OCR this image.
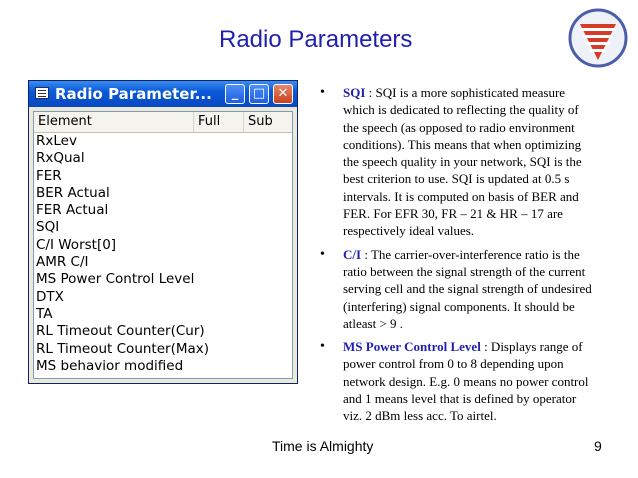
Radio Parameters
Radio Parameter...	_	□ ✕
Element	Full	Sub
RxLev
RxQual
FER
BER Actual
FER Actual
SQI
C/I Worst[0]
AMR C/I
MS Power Control Level
DTX
TA
RL Timeout Counter(Cur)
RL Timeout Counter(Max)
MS behavior modified
• SQI : SQI is a more sophisticated measure which is dedicated to reflecting the quality of the speech (as opposed to radio environment conditions). This means that when optimizing the speech quality in your network, SQI is the best criterion to use. SQI is updated at 0.5 s intervals. It is computed on basis of BER and FER. For EFR 30, FR – 21 & HR – 17 are respectively ideal values.
• C/I : The carrier-over-interference ratio is the ratio between the signal strength of the current serving cell and the signal strength of undesired (interfering) signal components. It should be atleast > 9 .
• MS Power Control Level : Displays range of power control from 0 to 8 depending upon network design. E.g. 0 means no power control and 1 means level that is defined by operator viz. 2 dBm less acc. To airtel.
Time is Almighty	9
